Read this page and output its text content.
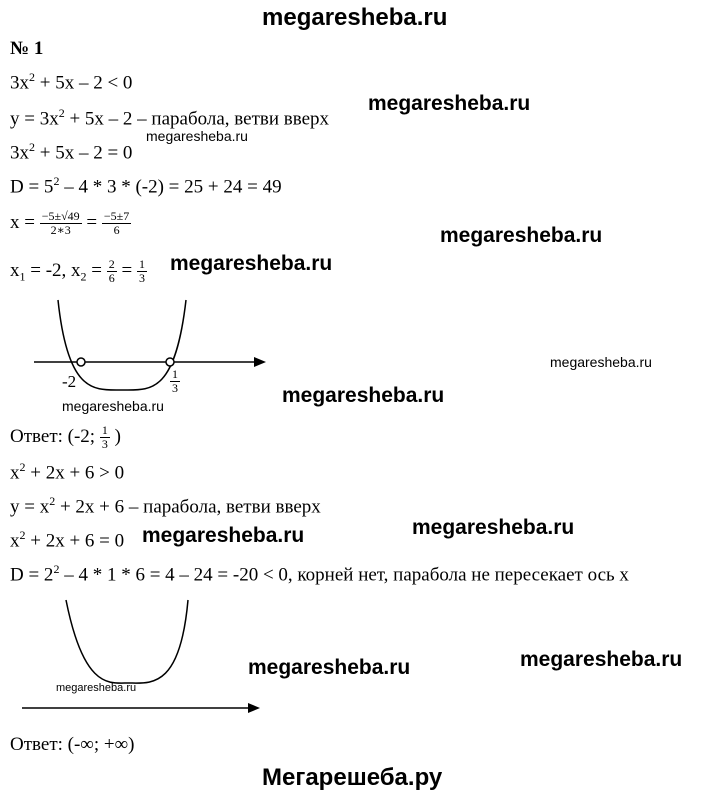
megaresheba.ru
№ 1
$3x^2 + 5x - 2 < 0$
$y = 3x^2 + 5x - 2$ – парабола, ветви вверх
$3x^2 + 5x - 2 = 0$
$D = 5^2 - 4 * 3 * (-2) = 25 + 24 = 49$
$x = \frac{-5\pm√49}{2∗3} = \frac{-5\pm 7}{6}$
$x_1 = -2$, $x_2 = \frac{2}{6} = \frac{1}{3}$
-2	$\frac{1}{3}$
Ответ: (-2; $\frac{1}{3}$ )
$x^2 + 2x + 6 > 0$
$y = x^2 + 2x + 6$ – парабола, ветви вверх
$x^2 + 2x + 6 = 0$
$D = 2^2 - 4 * 1 * 6 = 4 - 24 = -20 < 0$, корней нет, парабола не пересекает ось x
Ответ: (-∞; +∞)
megaresheba.ru
megaresheba.ru
megaresheba.ru
megaresheba.ru
megaresheba.ru
megaresheba.ru
megaresheba.ru
megaresheba.ru
megaresheba.ru
megaresheba.ru	megaresheba.ru
megaresheba.ru
Мегарешеба.ру
